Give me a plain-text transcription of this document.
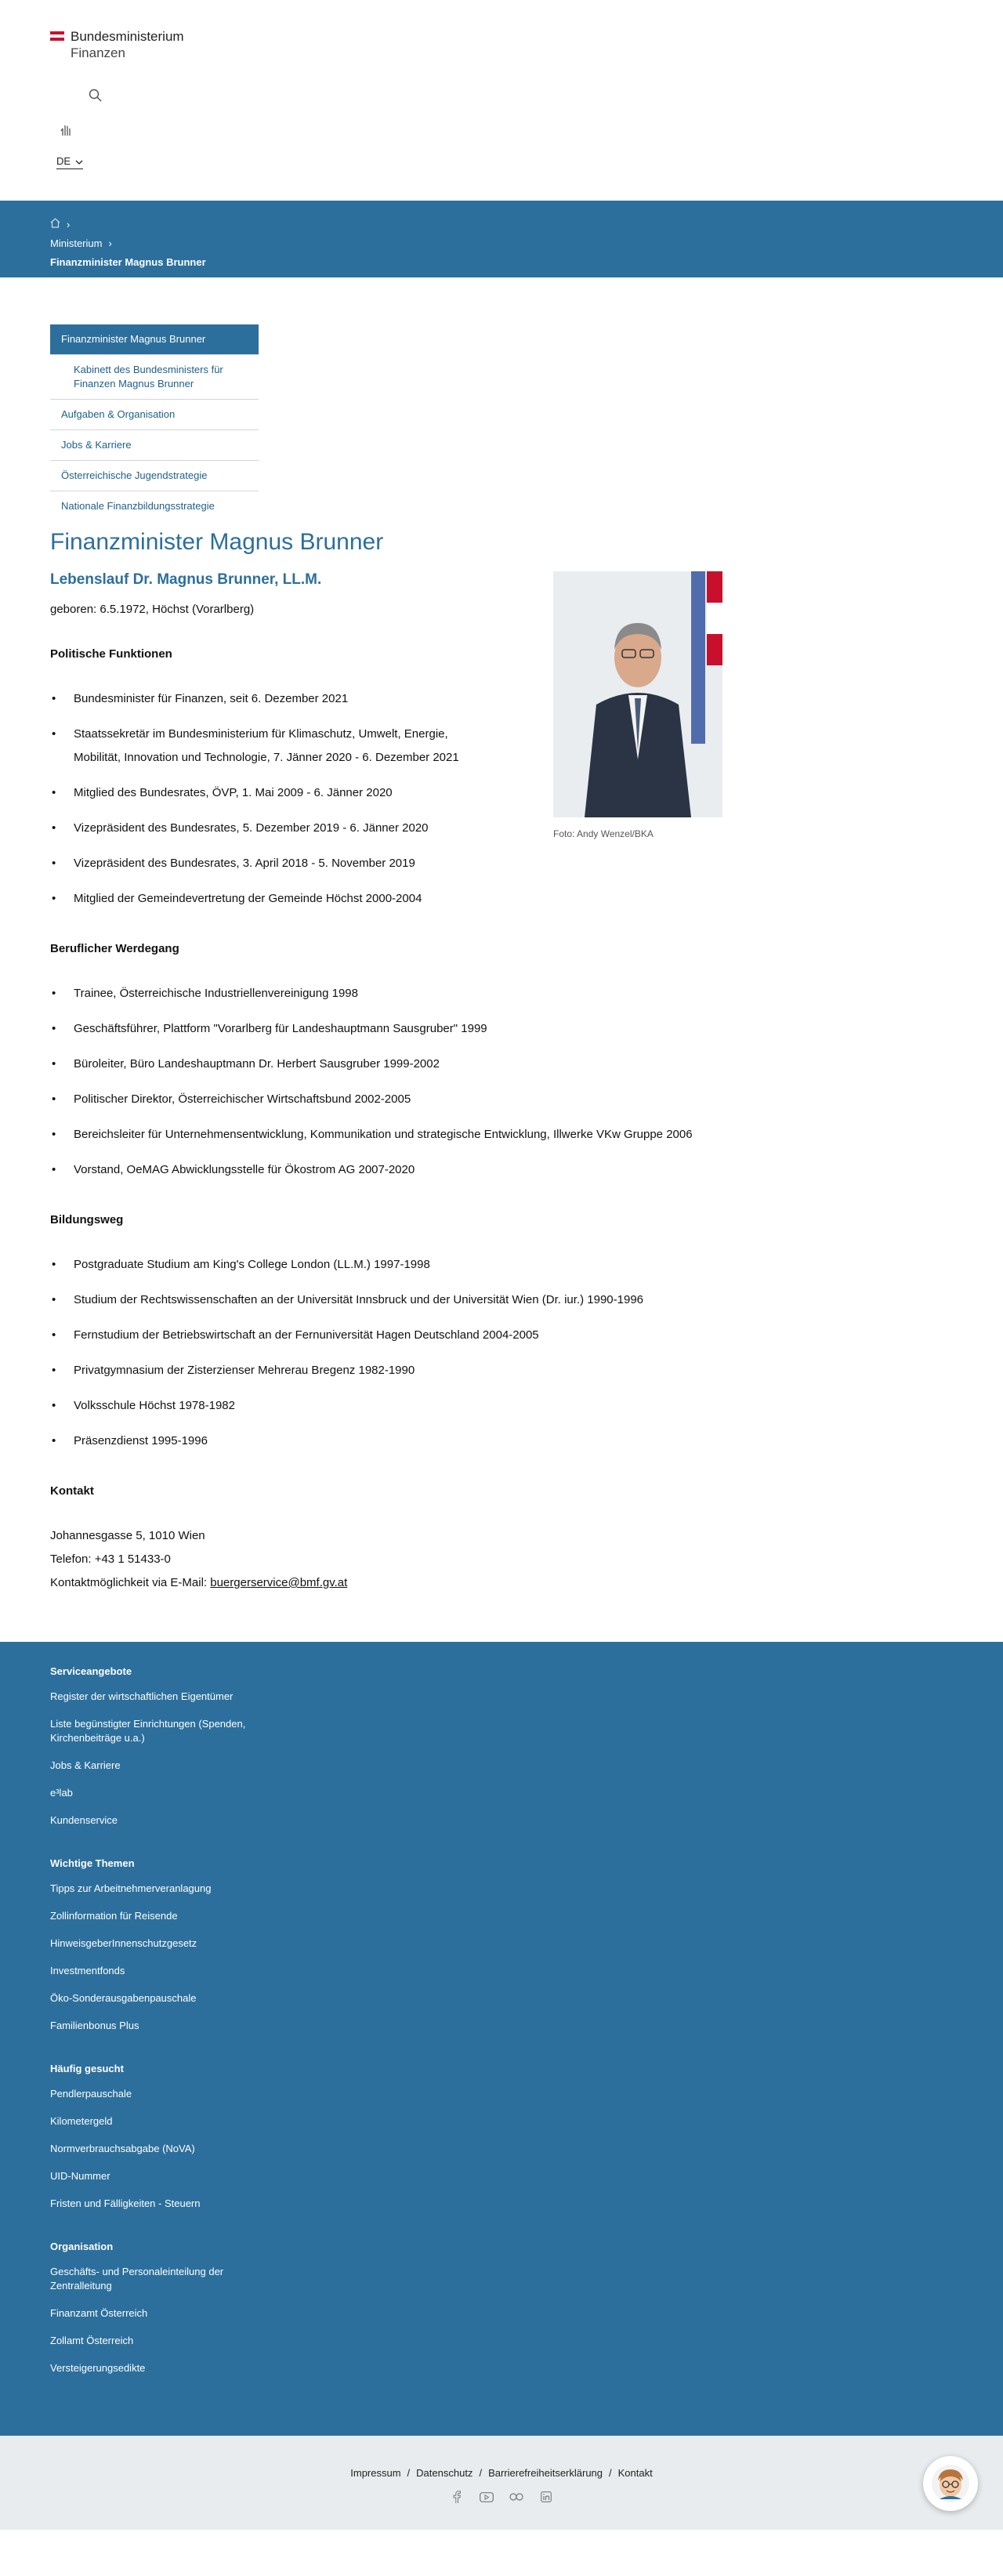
Bundesministerium
Finanzen
DE
›
Ministerium ›
Finanzminister Magnus Brunner
Finanzminister Magnus Brunner
Kabinett des Bundesministers für Finanzen Magnus Brunner
Aufgaben & Organisation
Jobs & Karriere
Österreichische Jugendstrategie
Nationale Finanzbildungsstrategie
Finanzminister Magnus Brunner
Foto: Andy Wenzel/BKA
Lebenslauf Dr. Magnus Brunner, LL.M.

geboren: 6.5.1972, Höchst (Vorarlberg)

Politische Funktionen
• Bundesminister für Finanzen, seit 6. Dezember 2021
• Staatssekretär im Bundesministerium für Klimaschutz, Umwelt, Energie, Mobilität, Innovation und Technologie, 7. Jänner 2020 - 6. Dezember 2021
• Mitglied des Bundesrates, ÖVP, 1. Mai 2009 - 6. Jänner 2020
• Vizepräsident des Bundesrates, 5. Dezember 2019 - 6. Jänner 2020
• Vizepräsident des Bundesrates, 3. April 2018 - 5. November 2019
• Mitglied der Gemeindevertretung der Gemeinde Höchst 2000-2004
Beruflicher Werdegang
• Trainee, Österreichische Industriellenvereinigung 1998
• Geschäftsführer, Plattform "Vorarlberg für Landeshauptmann Sausgruber" 1999
• Büroleiter, Büro Landeshauptmann Dr. Herbert Sausgruber 1999-2002
• Politischer Direktor, Österreichischer Wirtschaftsbund 2002-2005
• Bereichsleiter für Unternehmensentwicklung, Kommunikation und strategische Entwicklung, Illwerke VKw Gruppe 2006
• Vorstand, OeMAG Abwicklungsstelle für Ökostrom AG 2007-2020
Bildungsweg
• Postgraduate Studium am King's College London (LL.M.) 1997-1998
• Studium der Rechtswissenschaften an der Universität Innsbruck und der Universität Wien (Dr. iur.) 1990-1996
• Fernstudium der Betriebswirtschaft an der Fernuniversität Hagen Deutschland 2004-2005
• Privatgymnasium der Zisterzienser Mehrerau Bregenz 1982-1990
• Volksschule Höchst 1978-1982
• Präsenzdienst 1995-1996
Kontakt

Johannesgasse 5, 1010 Wien

Telefon: +43 1 51433-0

Kontaktmöglichkeit via E-Mail: buergerservice@bmf.gv.at

Serviceangebote
Register der wirtschaftlichen Eigentümer
Liste begünstigter Einrichtungen (Spenden, Kirchenbeiträge u.a.)
Jobs & Karriere
e³lab
Kundenservice
Wichtige Themen
Tipps zur Arbeitnehmerveranlagung
Zollinformation für Reisende
HinweisgeberInnenschutzgesetz
Investmentfonds
Öko-Sonderausgabenpauschale
Familienbonus Plus
Häufig gesucht
Pendlerpauschale
Kilometergeld
Normverbrauchsabgabe (NoVA)
UID-Nummer
Fristen und Fälligkeiten - Steuern
Organisation
Geschäfts- und Personaleinteilung der Zentralleitung
Finanzamt Österreich
Zollamt Österreich
Versteigerungsedikte
Impressum / Datenschutz / Barrierefreiheitserklärung / Kontakt
